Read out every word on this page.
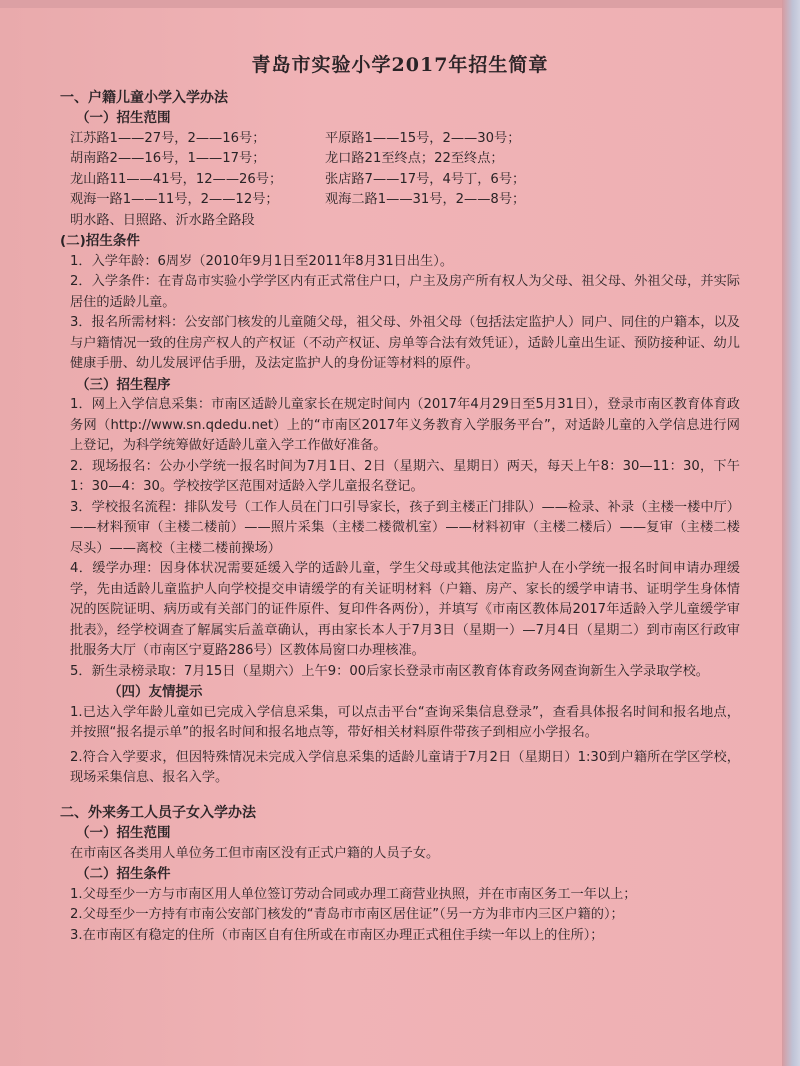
青岛市实验小学2017年招生简章
一、户籍儿童小学入学办法
（一）招生范围
江苏路1——27号，2——16号；	平原路1——15号，2——30号；
胡南路2——16号，1——17号；	龙口路21至终点；22至终点；
龙山路11——41号，12——26号；	张店路7——17号，4号丁，6号；
观海一路1——11号，2——12号；	观海二路1——31号，2——8号；
明水路、日照路、沂水路全路段
(二)招生条件
1．入学年龄：6周岁（2010年9月1日至2011年8月31日出生）。
2．入学条件：在青岛市实验小学学区内有正式常住户口，户主及房产所有权人为父母、祖父母、外祖父母，并实际居住的适龄儿童。
3．报名所需材料：公安部门核发的儿童随父母，祖父母、外祖父母（包括法定监护人）同户、同住的户籍本，以及与户籍情况一致的住房产权人的产权证（不动产权证、房单等合法有效凭证），适龄儿童出生证、预防接种证、幼儿健康手册、幼儿发展评估手册，及法定监护人的身份证等材料的原件。
（三）招生程序
1．网上入学信息采集：市南区适龄儿童家长在规定时间内（2017年4月29日至5月31日），登录市南区教育体育政务网（http://www.sn.qdedu.net）上的“市南区2017年义务教育入学服务平台”，对适龄儿童的入学信息进行网上登记，为科学统筹做好适龄儿童入学工作做好准备。
2．现场报名：公办小学统一报名时间为7月1日、2日（星期六、星期日）两天，每天上午8：30—11：30，下午1：30—4：30。学校按学区范围对适龄入学儿童报名登记。
3．学校报名流程：排队发号（工作人员在门口引导家长，孩子到主楼正门排队）——检录、补录（主楼一楼中厅）——材料预审（主楼二楼前）——照片采集（主楼二楼微机室）——材料初审（主楼二楼后）——复审（主楼二楼尽头）——离校（主楼二楼前操场）
4．缓学办理：因身体状况需要延缓入学的适龄儿童，学生父母或其他法定监护人在小学统一报名时间申请办理缓学，先由适龄儿童监护人向学校提交申请缓学的有关证明材料（户籍、房产、家长的缓学申请书、证明学生身体情况的医院证明、病历或有关部门的证件原件、复印件各两份），并填写《市南区教体局2017年适龄入学儿童缓学审批表》，经学校调查了解属实后盖章确认，再由家长本人于7月3日（星期一）—7月4日（星期二）到市南区行政审批服务大厅（市南区宁夏路286号）区教体局窗口办理核准。
5．新生录榜录取：7月15日（星期六）上午9：00后家长登录市南区教育体育政务网查询新生入学录取学校。
（四）友情提示
1.已达入学年龄儿童如已完成入学信息采集，可以点击平台“查询采集信息登录”，查看具体报名时间和报名地点，并按照“报名提示单”的报名时间和报名地点等，带好相关材料原件带孩子到相应小学报名。
2.符合入学要求，但因特殊情况未完成入学信息采集的适龄儿童请于7月2日（星期日）1:30到户籍所在学区学校，现场采集信息、报名入学。
二、外来务工人员子女入学办法
（一）招生范围
在市南区各类用人单位务工但市南区没有正式户籍的人员子女。
（二）招生条件
1.父母至少一方与市南区用人单位签订劳动合同或办理工商营业执照，并在市南区务工一年以上；
2.父母至少一方持有市南公安部门核发的“青岛市市南区居住证”（另一方为非市内三区户籍的）；
3.在市南区有稳定的住所（市南区自有住所或在市南区办理正式租住手续一年以上的住所）；
